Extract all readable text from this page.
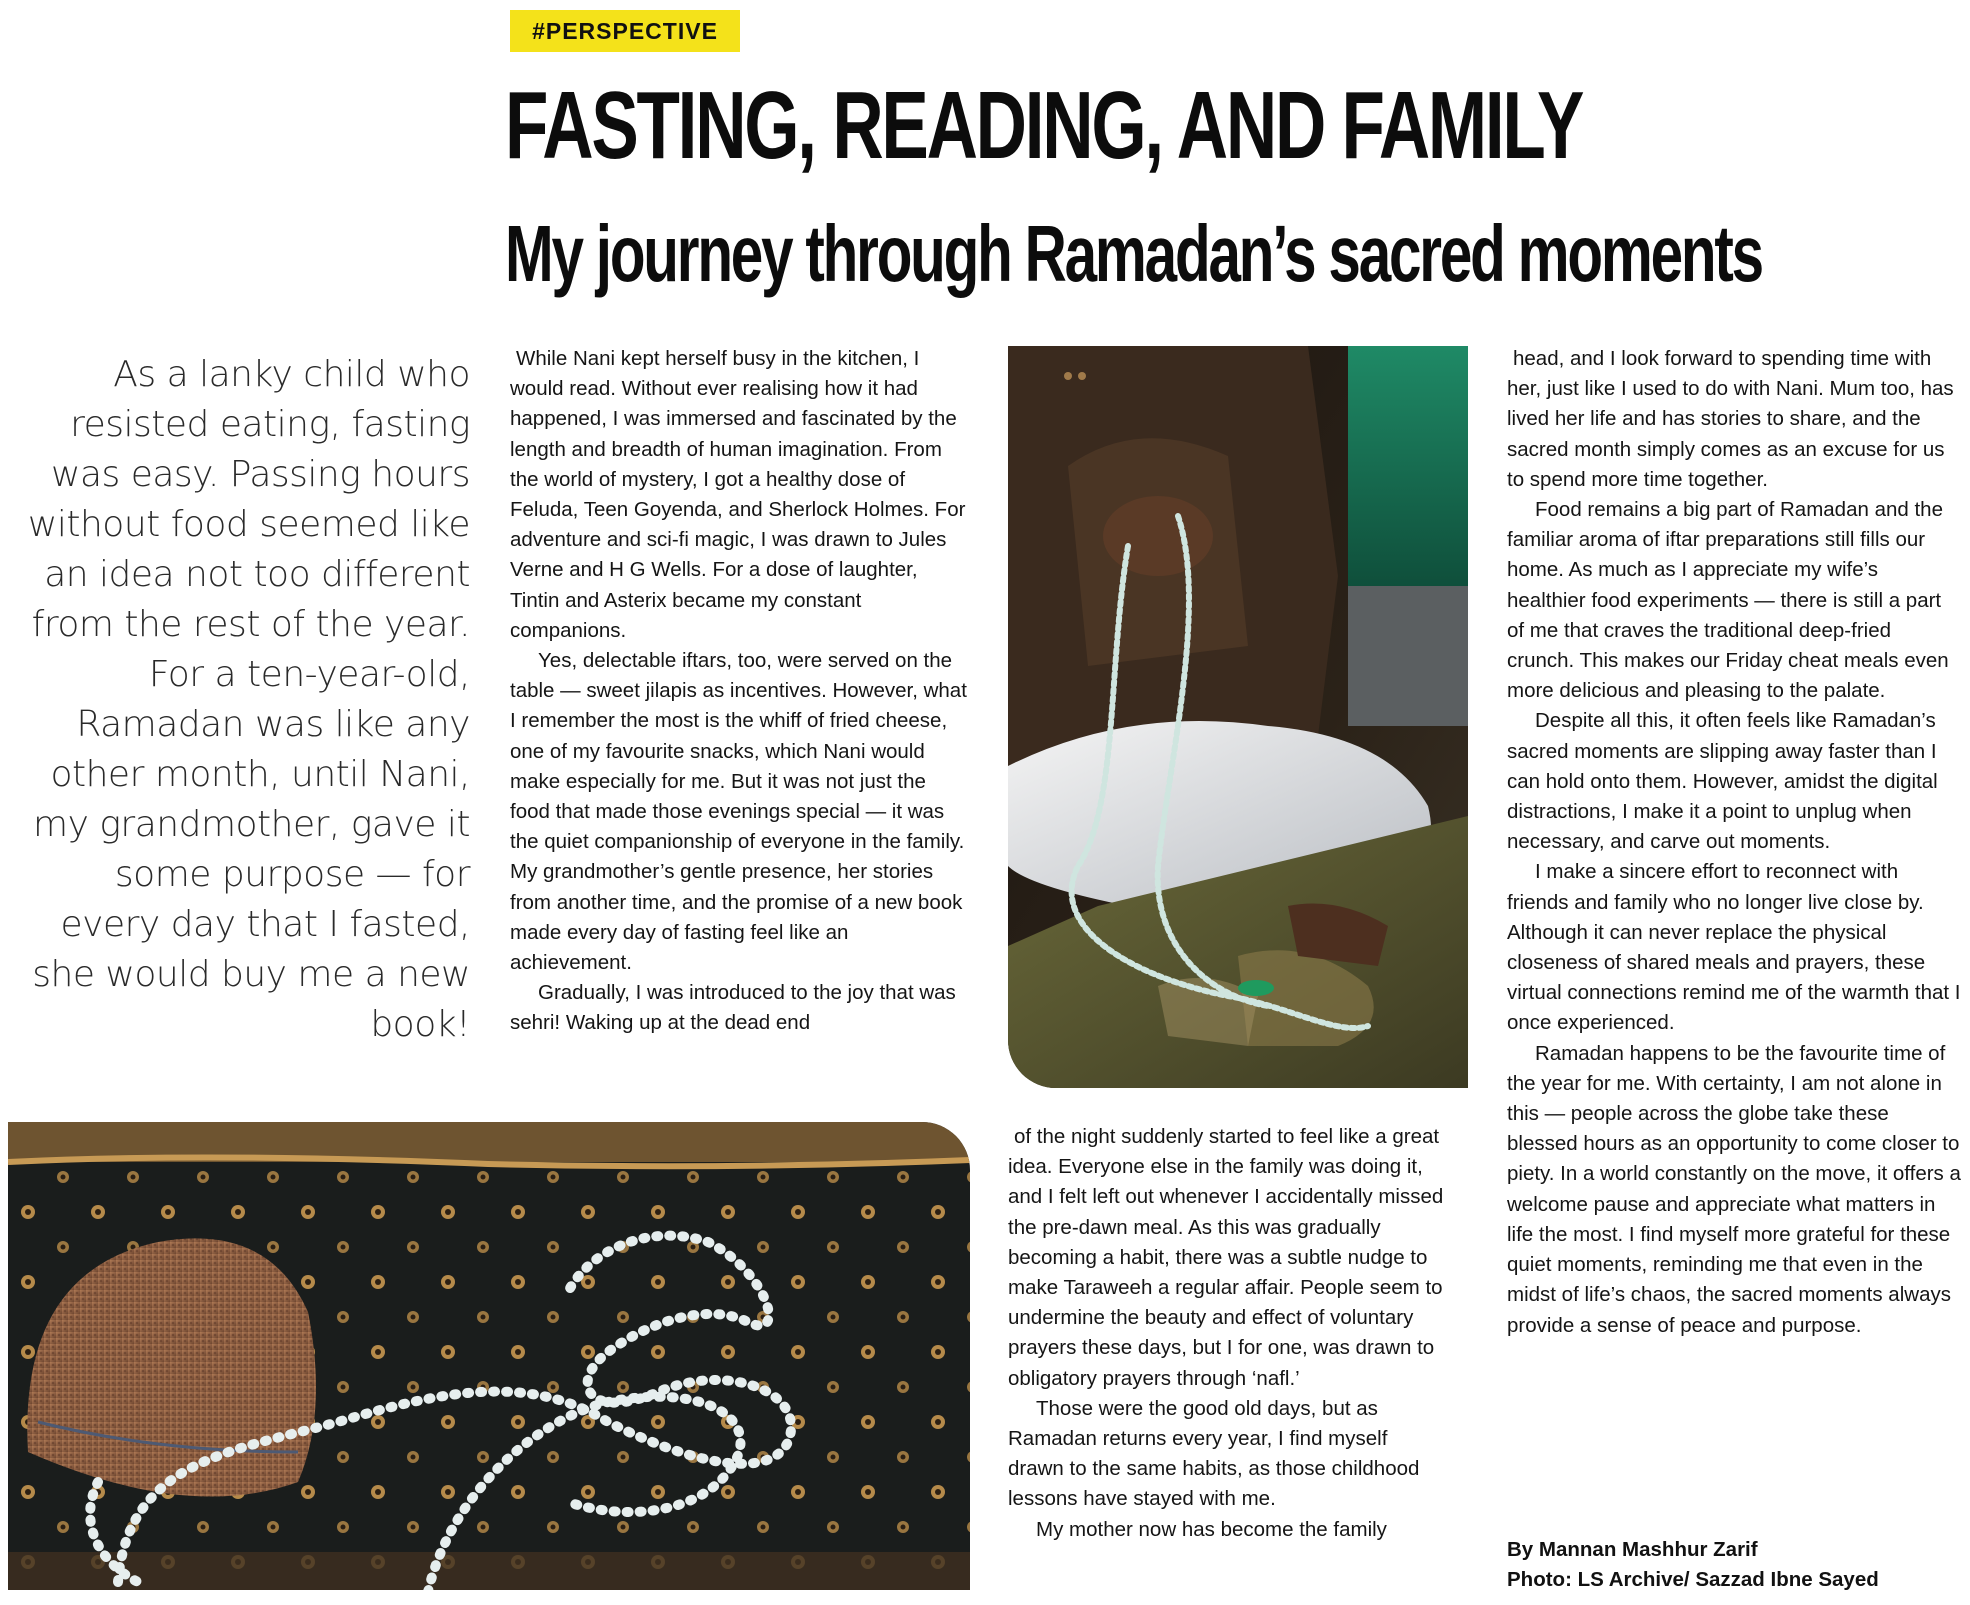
#PERSPECTIVE
FASTING, READING, AND FAMILY
My journey through Ramadan’s sacred moments

As a lanky child who resisted eating, fasting was easy. Passing hours without food seemed like an idea not too different from the rest of the year. For a ten-year-old, Ramadan was like any other month, until Nani, my grandmother, gave it some purpose — for every day that I fasted, she would buy me a new book!

While Nani kept herself busy in the kitchen, I would read. Without ever realising how it had happened, I was immersed and fascinated by the length and breadth of human imagination. From the world of mystery, I got a healthy dose of Feluda, Teen Goyenda, and Sherlock Holmes. For adventure and sci-fi magic, I was drawn to Jules Verne and H G Wells. For a dose of laughter, Tintin and Asterix became my constant companions.

Yes, delectable iftars, too, were served on the table — sweet jilapis as incentives. However, what I remember the most is the whiff of fried cheese, one of my favourite snacks, which Nani would make especially for me. But it was not just the food that made those evenings special — it was the quiet companionship of everyone in the family. My grandmother’s gentle presence, her stories from another time, and the promise of a new book made every day of fasting feel like an achievement.

Gradually, I was introduced to the joy that was sehri! Waking up at the dead end

of the night suddenly started to feel like a great idea. Everyone else in the family was doing it, and I felt left out whenever I accidentally missed the pre-dawn meal. As this was gradually becoming a habit, there was a subtle nudge to make Taraweeh a regular affair. People seem to undermine the beauty and effect of voluntary prayers these days, but I for one, was drawn to obligatory prayers through ‘nafl.’

Those were the good old days, but as Ramadan returns every year, I find myself drawn to the same habits, as those childhood lessons have stayed with me.

My mother now has become the family

head, and I look forward to spending time with her, just like I used to do with Nani. Mum too, has lived her life and has stories to share, and the sacred month simply comes as an excuse for us to spend more time together.

Food remains a big part of Ramadan and the familiar aroma of iftar preparations still fills our home. As much as I appreciate my wife’s healthier food experiments — there is still a part of me that craves the traditional deep-fried crunch. This makes our Friday cheat meals even more delicious and pleasing to the palate.

Despite all this, it often feels like Ramadan’s sacred moments are slipping away faster than I can hold onto them. However, amidst the digital distractions, I make it a point to unplug when necessary, and carve out moments.

I make a sincere effort to reconnect with friends and family who no longer live close by. Although it can never replace the physical closeness of shared meals and prayers, these virtual connections remind me of the warmth that I once experienced.

Ramadan happens to be the favourite time of the year for me. With certainty, I am not alone in this — people across the globe take these blessed hours as an opportunity to come closer to piety. In a world constantly on the move, it offers a welcome pause and appreciate what matters in life the most. I find myself more grateful for these quiet moments, reminding me that even in the midst of life’s chaos, the sacred moments always provide a sense of peace and purpose.

By Mannan Mashhur Zarif
Photo: LS Archive/ Sazzad Ibne Sayed
